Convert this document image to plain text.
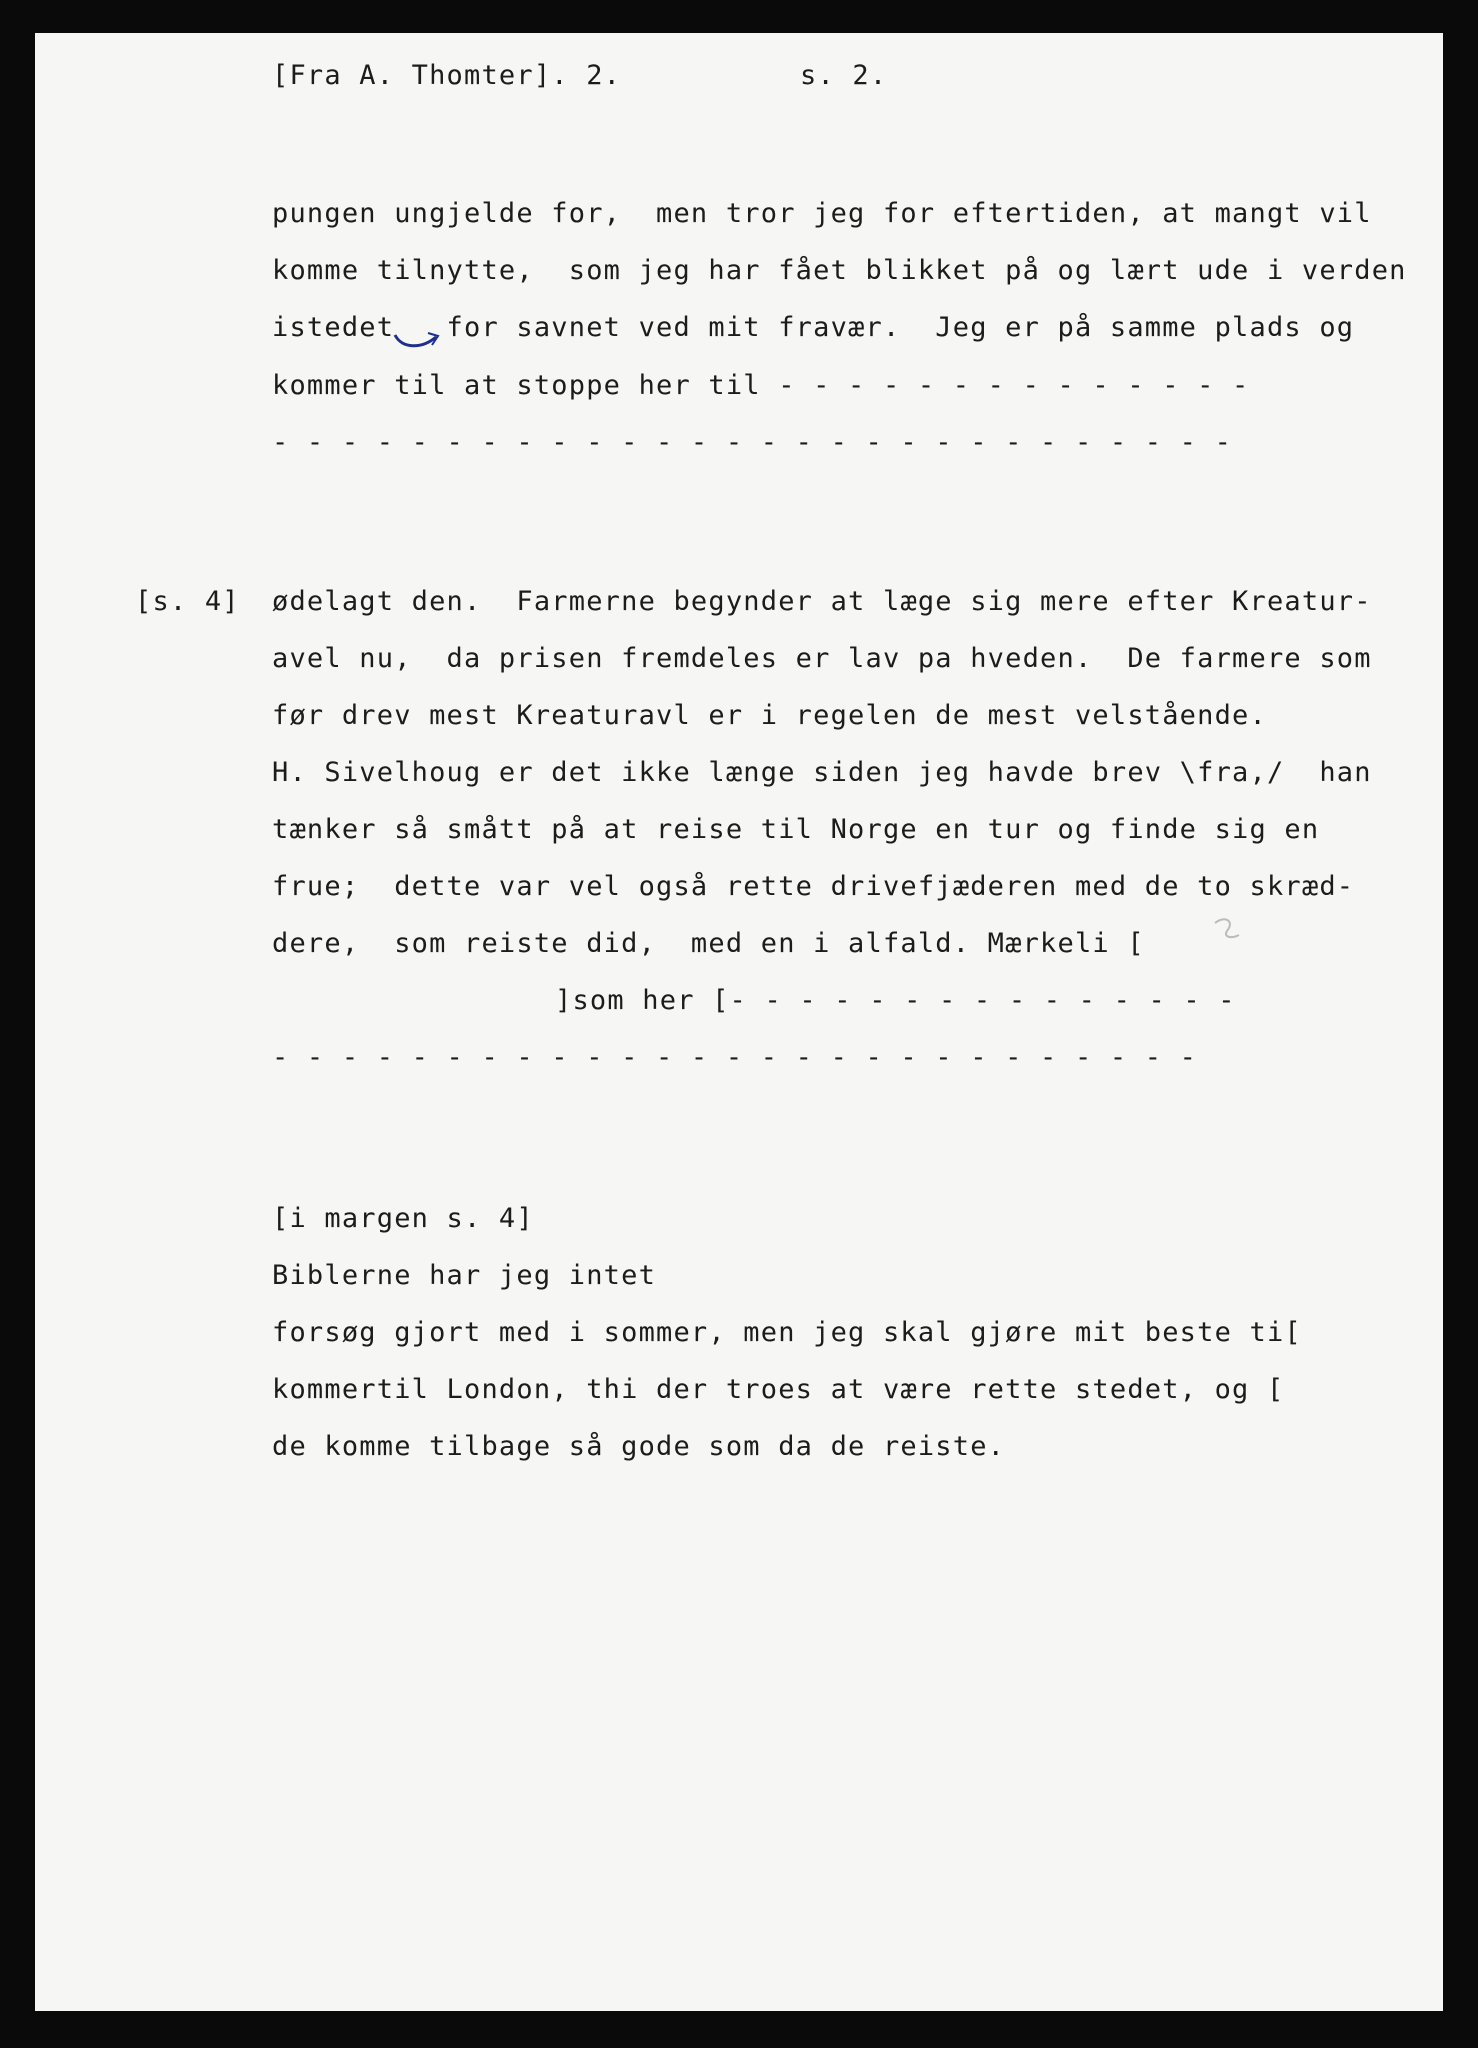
[Fra A. Thomter]. 2.	s. 2.
pungen ungjelde for,  men tror jeg for eftertiden, at mangt vil
komme tilnytte,  som jeg har fået blikket på og lært ude i verden
istedet   for savnet ved mit fravær.  Jeg er på samme plads og
kommer til at stoppe her til - - - - - - - - - - - - - -
- - - - - - - - - - - - - - - - - - - - - - - - - - - -
[s. 4] ødelagt den.  Farmerne begynder at læge sig mere efter Kreatur-
avel nu,  da prisen fremdeles er lav pa hveden.  De farmere som
før drev mest Kreaturavl er i regelen de mest velstående.
H. Sivelhoug er det ikke længe siden jeg havde brev \fra,/  han
tænker så smått på at reise til Norge en tur og finde sig en
frue;  dette var vel også rette drivefjæderen med de to skræd-
dere,  som reiste did,  med en i alfald. Mærkeli [
]som her [- - - - - - - - - - - - - - -
- - - - - - - - - - - - - - - - - - - - - - - - - - -
[i margen s. 4]
Biblerne har jeg intet
forsøg gjort med i sommer, men jeg skal gjøre mit beste ti[
kommertil London, thi der troes at være rette stedet, og [
de komme tilbage så gode som da de reiste.
